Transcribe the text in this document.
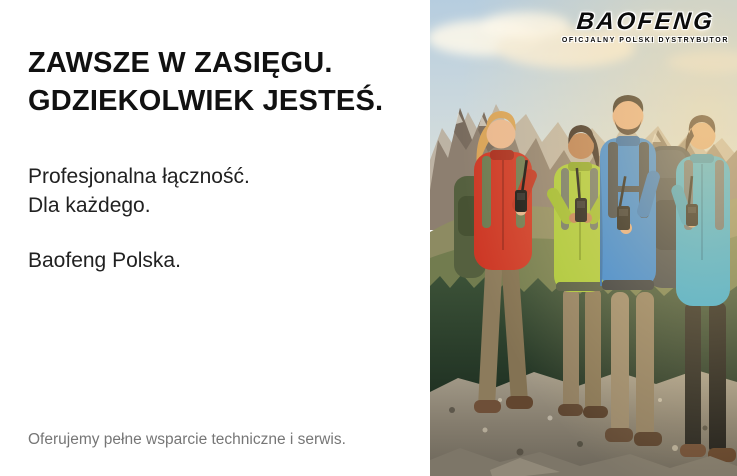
ZAWSZE W ZASIĘGU.
GDZIEKOLWIEK JESTEŚ.

Profesjonalna łączność.
Dla każdego.

Baofeng Polska.

Oferujemy pełne wsparcie techniczne i serwis.

BAOFENG
OFICJALNY POLSKI DYSTRYBUTOR
